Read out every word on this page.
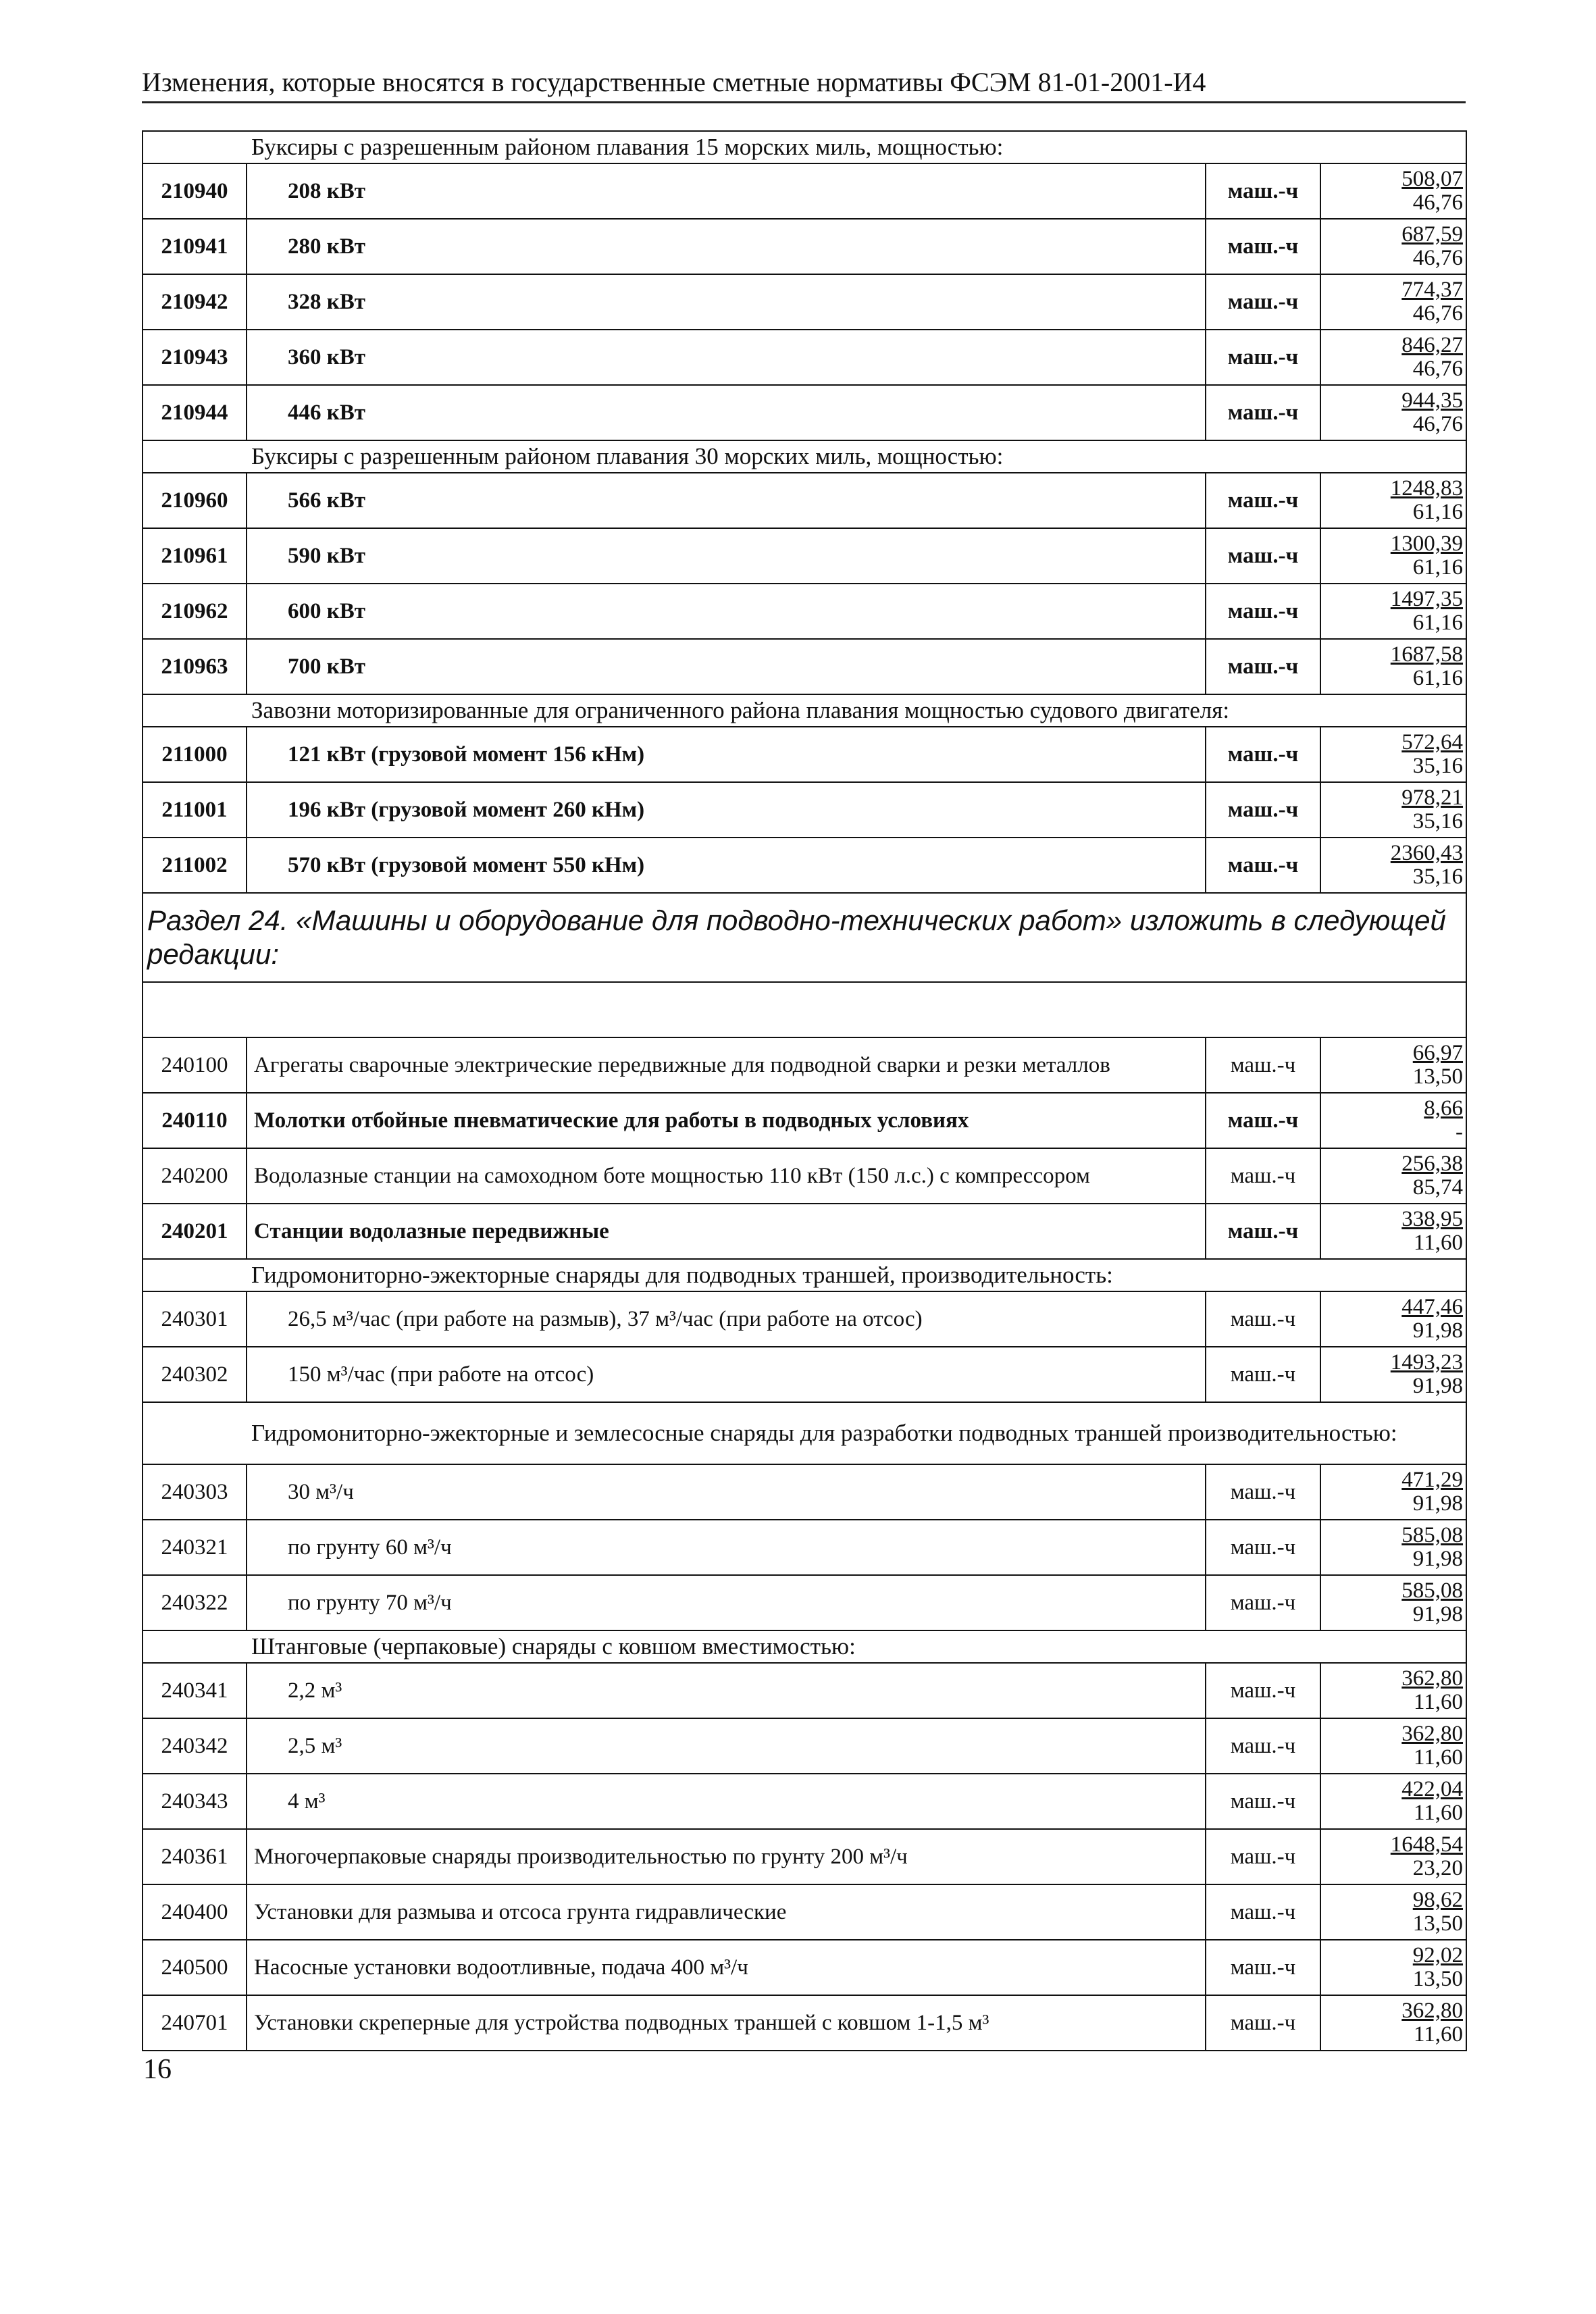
Изменения, которые вносятся в государственные сметные нормативы ФСЭМ 81-01-2001-И4
Буксиры с разрешенным районом плавания 15 морских миль, мощностью:			
210940	208 кВт	маш.-ч	508,07
46,76

210941	280 кВт	маш.-ч	687,59
46,76

210942	328 кВт	маш.-ч	774,37
46,76

210943	360 кВт	маш.-ч	846,27
46,76

210944	446 кВт	маш.-ч	944,35
46,76

Буксиры с разрешенным районом плавания 30 морских миль, мощностью:			
210960	566 кВт	маш.-ч	1248,83
61,16

210961	590 кВт	маш.-ч	1300,39
61,16

210962	600 кВт	маш.-ч	1497,35
61,16

210963	700 кВт	маш.-ч	1687,58
61,16

Завозни моторизированные для ограниченного района плавания мощностью судового двигателя:			
211000	121 кВт (грузовой момент 156 кНм)	маш.-ч	572,64
35,16

211001	196 кВт (грузовой момент 260 кНм)	маш.-ч	978,21
35,16

211002	570 кВт (грузовой момент 550 кНм)	маш.-ч	2360,43
35,16

Раздел 24. «Машины и оборудование для подводно-технических работ» изложить в следующей редакции:			

240100	Агрегаты сварочные электрические передвижные для подводной сварки и резки металлов	маш.-ч	66,97
13,50

240110	Молотки отбойные пневматические для работы в подводных условиях	маш.-ч	8,66
-

240200	Водолазные станции на самоходном боте мощностью 110 кВт (150 л.с.) с компрессором	маш.-ч	256,38
85,74

240201	Станции водолазные передвижные	маш.-ч	338,95
11,60

Гидромониторно-эжекторные снаряды для подводных траншей, производительность:			
240301	26,5 м³/час (при работе на размыв), 37 м³/час (при работе на отсос)	маш.-ч	447,46
91,98

240302	150 м³/час (при работе на отсос)	маш.-ч	1493,23
91,98

Гидромониторно-эжекторные и землесосные снаряды для разработки подводных траншей производительностью:			
240303	30 м³/ч	маш.-ч	471,29
91,98

240321	по грунту 60 м³/ч	маш.-ч	585,08
91,98

240322	по грунту 70 м³/ч	маш.-ч	585,08
91,98

Штанговые (черпаковые) снаряды с ковшом вместимостью:			
240341	2,2 м³	маш.-ч	362,80
11,60

240342	2,5 м³	маш.-ч	362,80
11,60

240343	4 м³	маш.-ч	422,04
11,60

240361	Многочерпаковые снаряды производительностью по грунту 200 м³/ч	маш.-ч	1648,54
23,20

240400	Установки для размыва и отсоса грунта гидравлические	маш.-ч	98,62
13,50

240500	Насосные установки водоотливные, подача 400 м³/ч	маш.-ч	92,02
13,50

240701	Установки скреперные для устройства подводных траншей с ковшом 1-1,5 м³	маш.-ч	362,80
11,60
16
